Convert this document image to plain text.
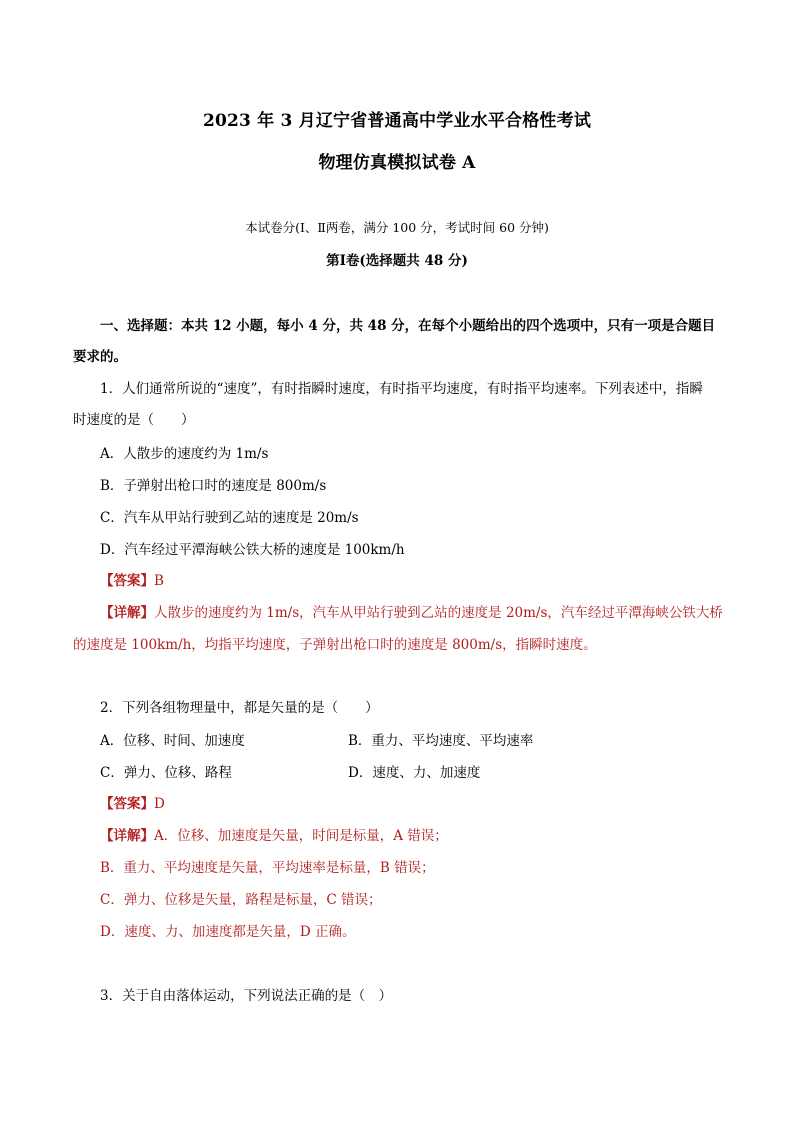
2023 年 3 月辽宁省普通高中学业水平合格性考试
物理仿真模拟试卷 A
本试卷分(Ⅰ、Ⅱ两卷，满分 100 分，考试时间 60 分钟)
第Ⅰ卷(选择题共 48 分)
一、选择题：本共 12 小题，每小 4 分，共 48 分，在每个小题给出的四个选项中，只有一项是合题目
要求的。
1．人们通常所说的“速度”，有时指瞬时速度，有时指平均速度，有时指平均速率。下列表述中，指瞬
时速度的是（　　）
A．人散步的速度约为 1m/s
B．子弹射出枪口时的速度是 800m/s
C．汽车从甲站行驶到乙站的速度是 20m/s
D．汽车经过平潭海峡公铁大桥的速度是 100km/h
【答案】B
【详解】人散步的速度约为 1m/s，汽车从甲站行驶到乙站的速度是 20m/s，汽车经过平潭海峡公铁大桥
的速度是 100km/h，均指平均速度，子弹射出枪口时的速度是 800m/s，指瞬时速度。
2．下列各组物理量中，都是矢量的是（　　）
A．位移、时间、加速度	B．重力、平均速度、平均速率
C．弹力、位移、路程	D．速度、力、加速度
【答案】D
【详解】A．位移、加速度是矢量，时间是标量，A 错误；
B．重力、平均速度是矢量，平均速率是标量，B 错误；
C．弹力、位移是矢量，路程是标量，C 错误；
D．速度、力、加速度都是矢量，D 正确。
3．关于自由落体运动，下列说法正确的是（　）
